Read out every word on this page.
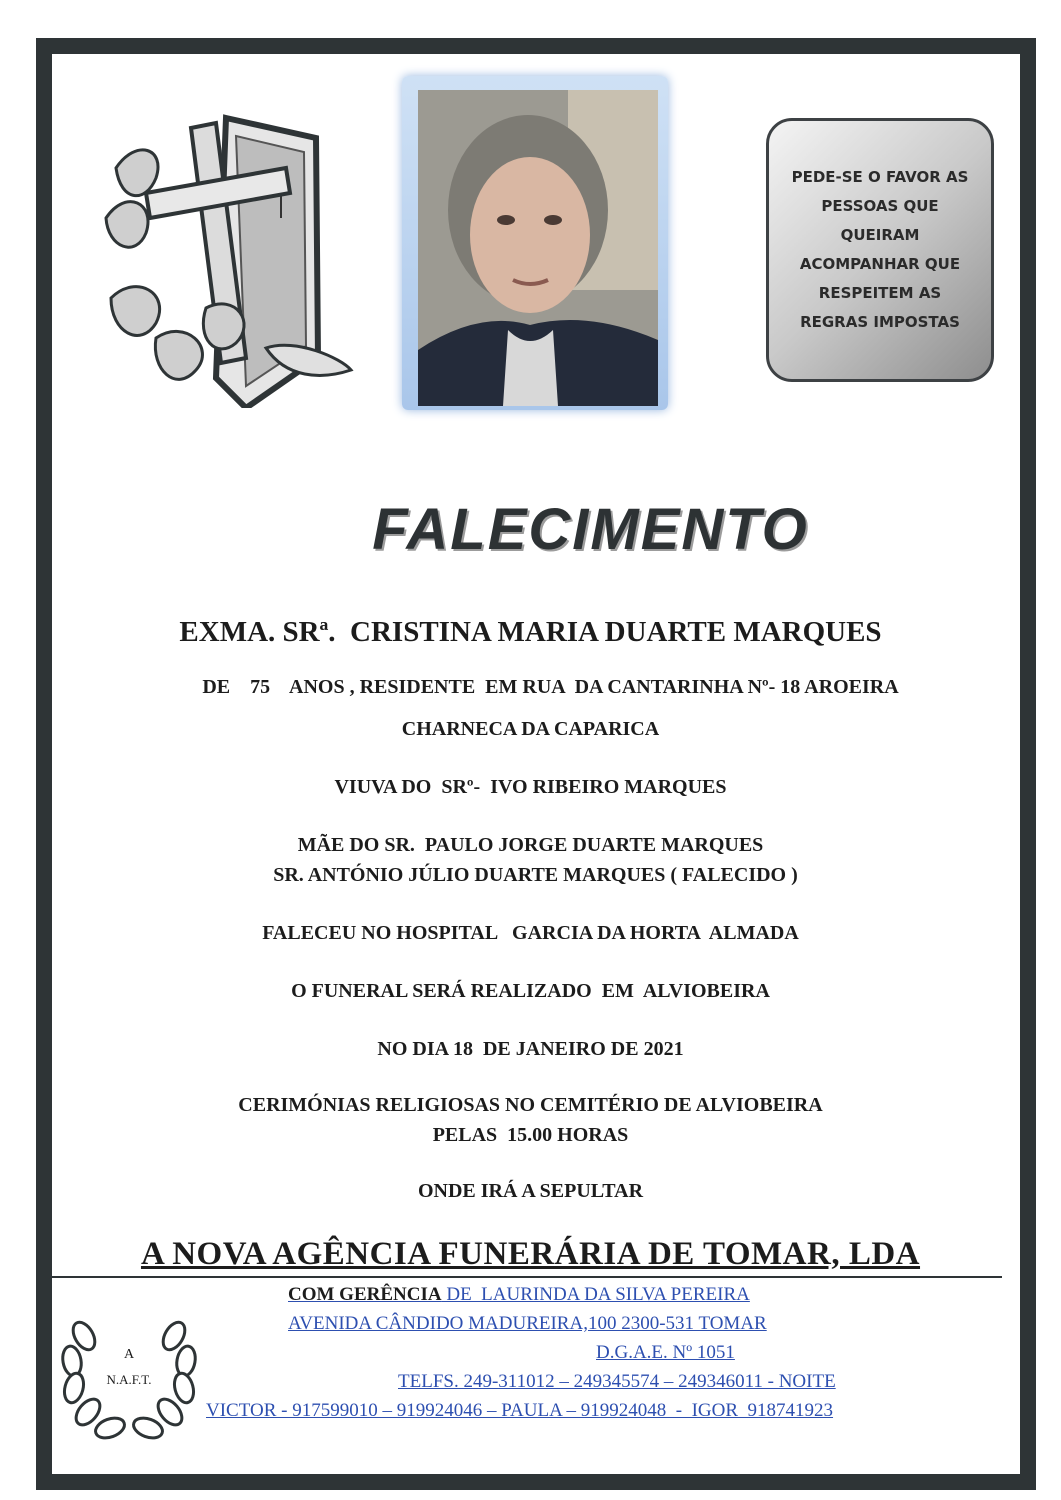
PEDE-SE O FAVOR AS PESSOAS QUE QUEIRAM ACOMPANHAR QUE RESPEITEM AS REGRAS IMPOSTAS
FALECIMENTO
EXMA. SRª.  CRISTINA MARIA DUARTE MARQUES
DE    75    ANOS , RESIDENTE  EM RUA  DA CANTARINHA Nº- 18 AROEIRA
CHARNECA DA CAPARICA
VIUVA DO  SRº-  IVO RIBEIRO MARQUES
MÃE DO SR.  PAULO JORGE DUARTE MARQUES
SR. ANTÓNIO JÚLIO DUARTE MARQUES ( FALECIDO )
FALECEU NO HOSPITAL   GARCIA DA HORTA  ALMADA
O FUNERAL SERÁ REALIZADO  EM  ALVIOBEIRA
NO DIA 18  DE JANEIRO DE 2021
CERIMÓNIAS RELIGIOSAS NO CEMITÉRIO DE ALVIOBEIRA
PELAS  15.00 HORAS
ONDE IRÁ A SEPULTAR
A NOVA AGÊNCIA FUNERÁRIA DE TOMAR, LDA
A
N.A.F.T.
COM GERÊNCIA DE  LAURINDA DA SILVA PEREIRA
AVENIDA CÂNDIDO MADUREIRA,100 2300-531 TOMAR
D.G.A.E. Nº 1051
TELFS. 249-311012 – 249345574 – 249346011 - NOITE
VICTOR - 917599010 – 919924046 – PAULA – 919924048  -  IGOR  918741923
